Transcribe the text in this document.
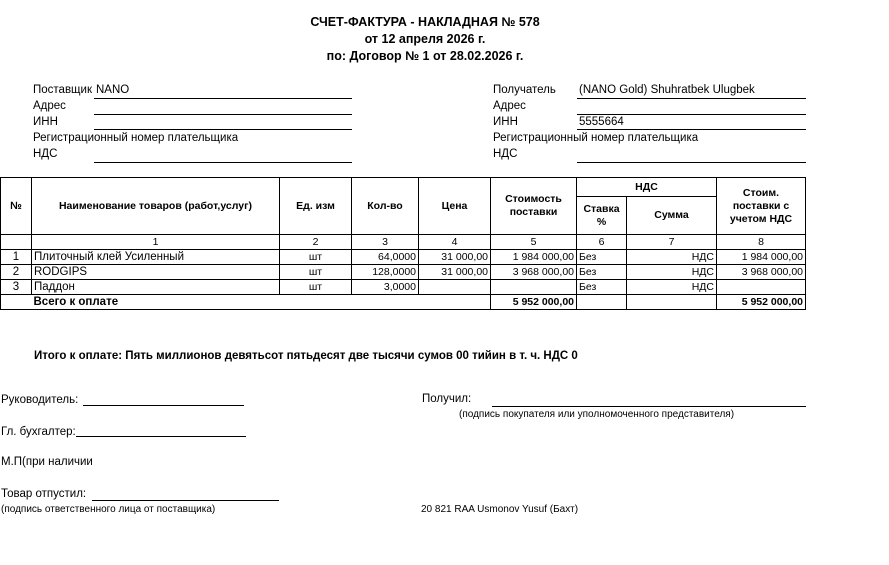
СЧЕТ-ФАКТУРА - НАКЛАДНАЯ № 578
от 12 апреля 2026 г.
по: Договор № 1 от 28.02.2026 г.
Поставщик NANO
Адрес
ИНН
Регистрационный номер плательщика
НДС
Получатель (NANO Gold) Shuhratbek Ulugbek
Адрес
ИНН	5555664
Регистрационный номер плательщика
НДС
№	Наименование товаров (работ,услуг)	Ед. изм	Кол-во	Цена	Стоимость поставки	НДС		Стоим. поставки с учетом НДС
						Ставка %	Сумма	
	1	2	3	4	5	6	7	8
1	Плиточный клей Усиленный	шт	64,0000	31 000,00	1 984 000,00	Без	НДС	1 984 000,00
2	RODGIPS	шт	128,0000	31 000,00	3 968 000,00	Без	НДС	3 968 000,00
3	Паддон	шт	3,0000			Без	НДС	
	Всего к оплате				5 952 000,00			5 952 000,00
Итого к оплате: Пять миллионов девятьсот пятьдесят две тысячи сумов 00 тийин в т. ч. НДС 0
Руководитель:
Гл. бухгалтер:
М.П(при наличии
Товар отпустил:
(подпись ответственного лица от поставщика)
Получил:
(подпись покупателя или уполномоченного представителя)
20 821 RAA Usmonov Yusuf (Бахт)
